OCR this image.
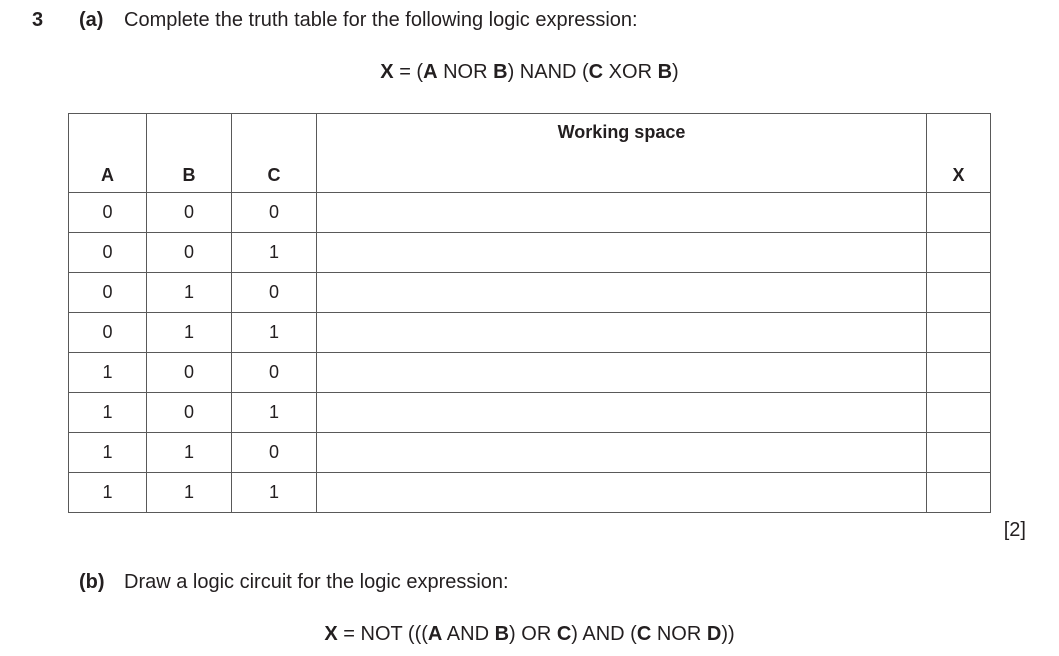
3 (a) Complete the truth table for the following logic expression:
X = (A NOR B) NAND (C XOR B)
A	B	C	Working space	X
0	0	0		
0	0	1		
0	1	0		
0	1	1		
1	0	0		
1	0	1		
1	1	0		
1	1	1		
[2]
(b) Draw a logic circuit for the logic expression:
X = NOT (((A AND B) OR C) AND (C NOR D))
